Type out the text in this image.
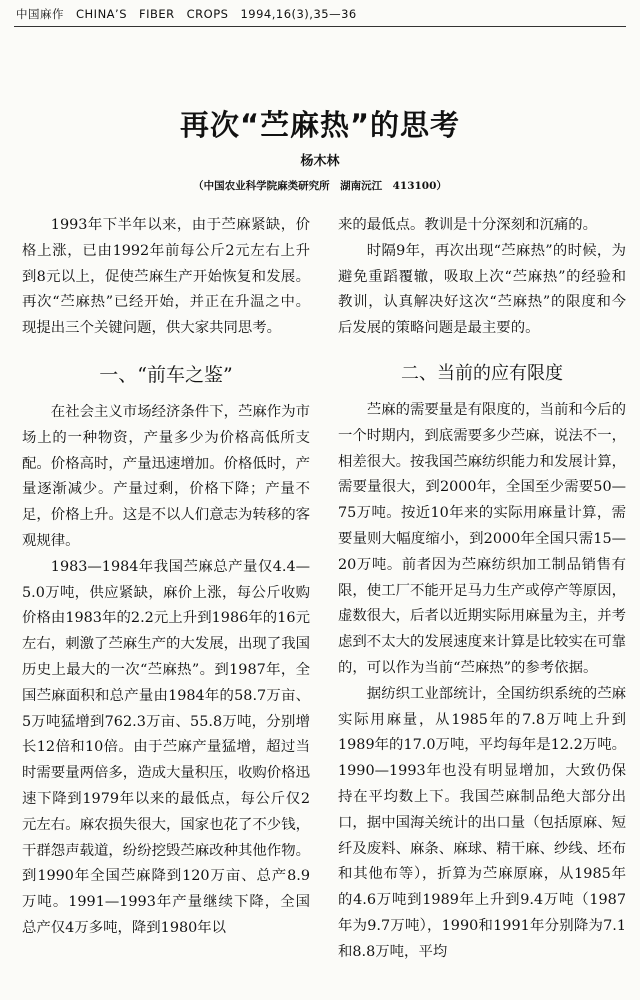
中国麻作　CHINA’S　FIBER　CROPS　1994,16(3),35—36
再次“苎麻热”的思考
杨木林
（中国农业科学院麻类研究所　湖南沅江　413100）

1993年下半年以来，由于苎麻紧缺，价格上涨，已由1992年前每公斤2元左右上升到8元以上，促使苎麻生产开始恢复和发展。再次“苎麻热”已经开始，并正在升温之中。现提出三个关键问题，供大家共同思考。

一、“前车之鉴”

在社会主义市场经济条件下，苎麻作为市场上的一种物资，产量多少为价格高低所支配。价格高时，产量迅速增加。价格低时，产量逐渐减少。产量过剩，价格下降；产量不足，价格上升。这是不以人们意志为转移的客观规律。

1983—1984年我国苎麻总产量仅4.4—5.0万吨，供应紧缺，麻价上涨，每公斤收购价格由1983年的2.2元上升到1986年的16元左右，刺激了苎麻生产的大发展，出现了我国历史上最大的一次“苎麻热”。到1987年，全国苎麻面积和总产量由1984年的58.7万亩、5万吨猛增到762.3万亩、55.8万吨，分别增长12倍和10倍。由于苎麻产量猛增，超过当时需要量两倍多，造成大量积压，收购价格迅速下降到1979年以来的最低点，每公斤仅2元左右。麻农损失很大，国家也花了不少钱，干群怨声载道，纷纷挖毁苎麻改种其他作物。到1990年全国苎麻降到120万亩、总产8.9万吨。1991—1993年产量继续下降，全国总产仅4万多吨，降到1980年以

来的最低点。教训是十分深刻和沉痛的。

时隔9年，再次出现“苎麻热”的时候，为避免重蹈覆辙，吸取上次“苎麻热”的经验和教训，认真解决好这次“苎麻热”的限度和今后发展的策略问题是最主要的。

二、当前的应有限度

苎麻的需要量是有限度的，当前和今后的一个时期内，到底需要多少苎麻，说法不一，相差很大。按我国苎麻纺织能力和发展计算，需要量很大，到2000年，全国至少需要50—75万吨。按近10年来的实际用麻量计算，需要量则大幅度缩小，到2000年全国只需15—20万吨。前者因为苎麻纺织加工制品销售有限，使工厂不能开足马力生产或停产等原因，虚数很大，后者以近期实际用麻量为主，并考虑到不太大的发展速度来计算是比较实在可靠的，可以作为当前“苎麻热”的参考依据。

据纺织工业部统计，全国纺织系统的苎麻实际用麻量，从1985年的7.8万吨上升到1989年的17.0万吨，平均每年是12.2万吨。1990—1993年也没有明显增加，大致仍保持在平均数上下。我国苎麻制品绝大部分出口，据中国海关统计的出口量（包括原麻、短纤及废料、麻条、麻球、精干麻、纱线、坯布和其他布等），折算为苎麻原麻，从1985年的4.6万吨到1989年上升到9.4万吨（1987年为9.7万吨），1990和1991年分别降为7.1和8.8万吨，平均
